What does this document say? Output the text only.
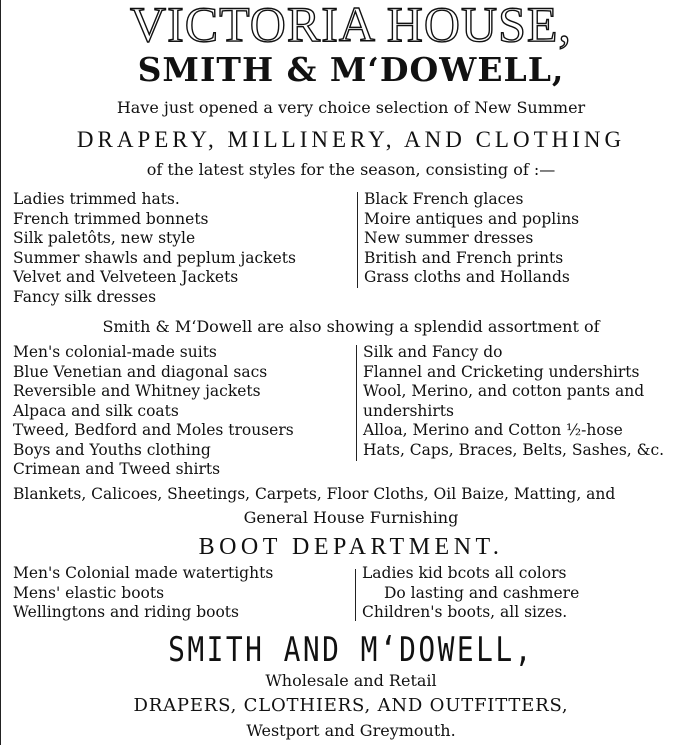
VICTORIA HOUSE,
SMITH & M‘DOWELL,
Have just opened a very choice selection of New Summer
DRAPERY, MILLINERY, AND CLOTHING
of the latest styles for the season, consisting of :—
Ladies trimmed hats.
French trimmed bonnets
Silk paletôts, new style
Summer shawls and peplum jackets
Velvet and Velveteen Jackets
Fancy silk dresses
Black French glaces
Moire antiques and poplins
New summer dresses
British and French prints
Grass cloths and Hollands
Smith & M‘Dowell are also showing a splendid assortment of
Men's colonial-made suits
Blue Venetian and diagonal sacs
Reversible and Whitney jackets
Alpaca and silk coats
Tweed, Bedford and Moles trousers
Boys and Youths clothing
Crimean and Tweed shirts
Silk and Fancy do
Flannel and Cricketing undershirts
Wool, Merino, and cotton pants and
undershirts
Alloa, Merino and Cotton ½-hose
Hats, Caps, Braces, Belts, Sashes, &c.
Blankets, Calicoes, Sheetings, Carpets, Floor Cloths, Oil Baize, Matting, and
General House Furnishing
BOOT DEPARTMENT.
Men's Colonial made watertights
Mens' elastic boots
Wellingtons and riding boots
Ladies kid bcots all colors
Do lasting and cashmere
Children's boots, all sizes.
SMITH AND M‘DOWELL,
Wholesale and Retail
DRAPERS, CLOTHIERS, AND OUTFITTERS,
Westport and Greymouth.
